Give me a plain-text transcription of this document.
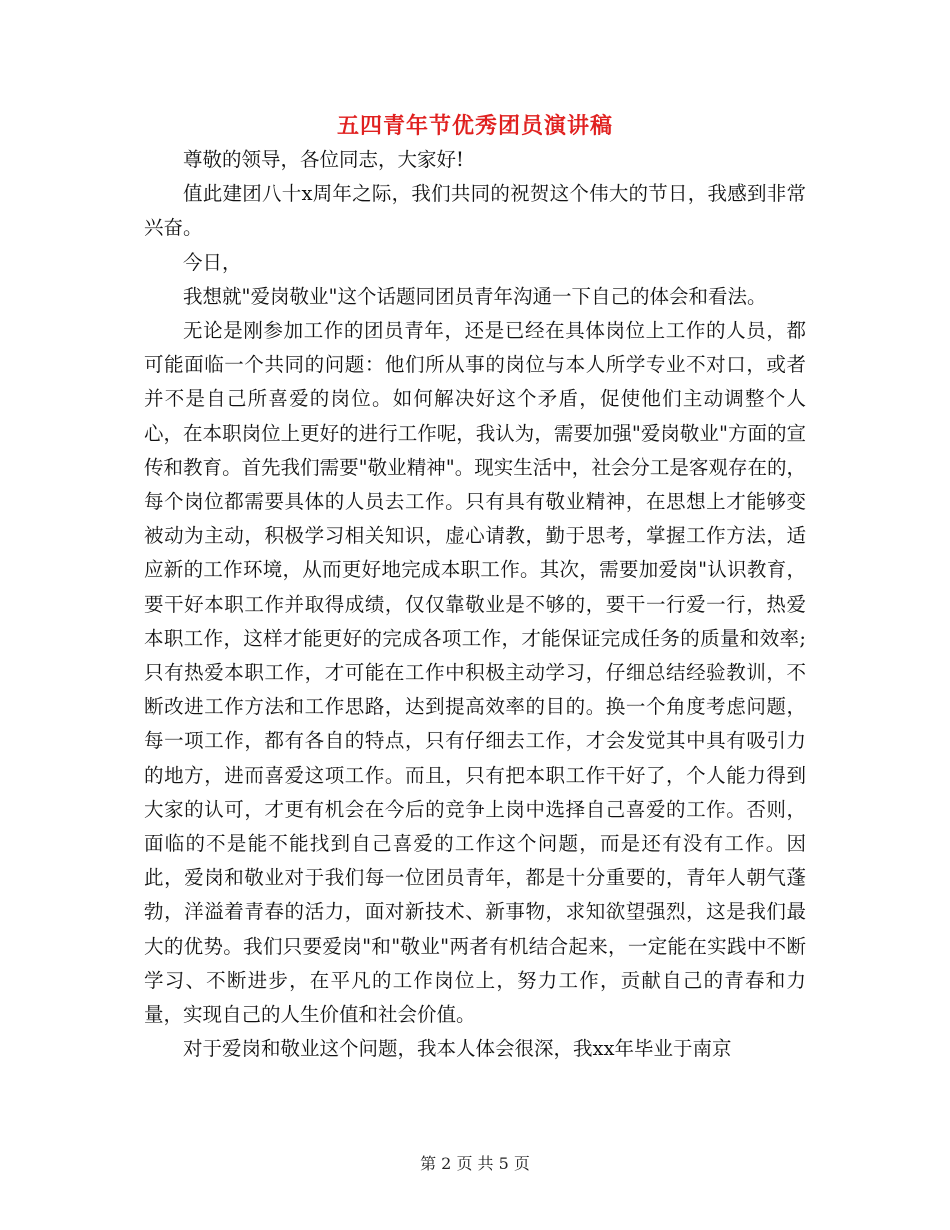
五四青年节优秀团员演讲稿

尊敬的领导，各位同志，大家好!

值此建团八十x周年之际，我们共同的祝贺这个伟大的节日，我感到非常兴奋。

今日，

我想就"爱岗敬业"这个话题同团员青年沟通一下自己的体会和看法。

无论是刚参加工作的团员青年，还是已经在具体岗位上工作的人员，都可能面临一个共同的问题：他们所从事的岗位与本人所学专业不对口，或者并不是自己所喜爱的岗位。如何解决好这个矛盾，促使他们主动调整个人心，在本职岗位上更好的进行工作呢，我认为，需要加强"爱岗敬业"方面的宣传和教育。首先我们需要"敬业精神"。现实生活中，社会分工是客观存在的，每个岗位都需要具体的人员去工作。只有具有敬业精神，在思想上才能够变被动为主动，积极学习相关知识，虚心请教，勤于思考，掌握工作方法，适应新的工作环境，从而更好地完成本职工作。其次，需要加爱岗"认识教育，要干好本职工作并取得成绩，仅仅靠敬业是不够的，要干一行爱一行，热爱本职工作，这样才能更好的完成各项工作，才能保证完成任务的质量和效率;只有热爱本职工作，才可能在工作中积极主动学习，仔细总结经验教训，不断改进工作方法和工作思路，达到提高效率的目的。换一个角度考虑问题，每一项工作，都有各自的特点，只有仔细去工作，才会发觉其中具有吸引力的地方，进而喜爱这项工作。而且，只有把本职工作干好了，个人能力得到大家的认可，才更有机会在今后的竞争上岗中选择自己喜爱的工作。否则，面临的不是能不能找到自己喜爱的工作这个问题，而是还有没有工作。因此，爱岗和敬业对于我们每一位团员青年，都是十分重要的，青年人朝气蓬勃，洋溢着青春的活力，面对新技术、新事物，求知欲望强烈，这是我们最大的优势。我们只要爱岗"和"敬业"两者有机结合起来，一定能在实践中不断学习、不断进步，在平凡的工作岗位上，努力工作，贡献自己的青春和力量，实现自己的人生价值和社会价值。

对于爱岗和敬业这个问题，我本人体会很深，我xx年毕业于南京

第 2 页 共 5 页
